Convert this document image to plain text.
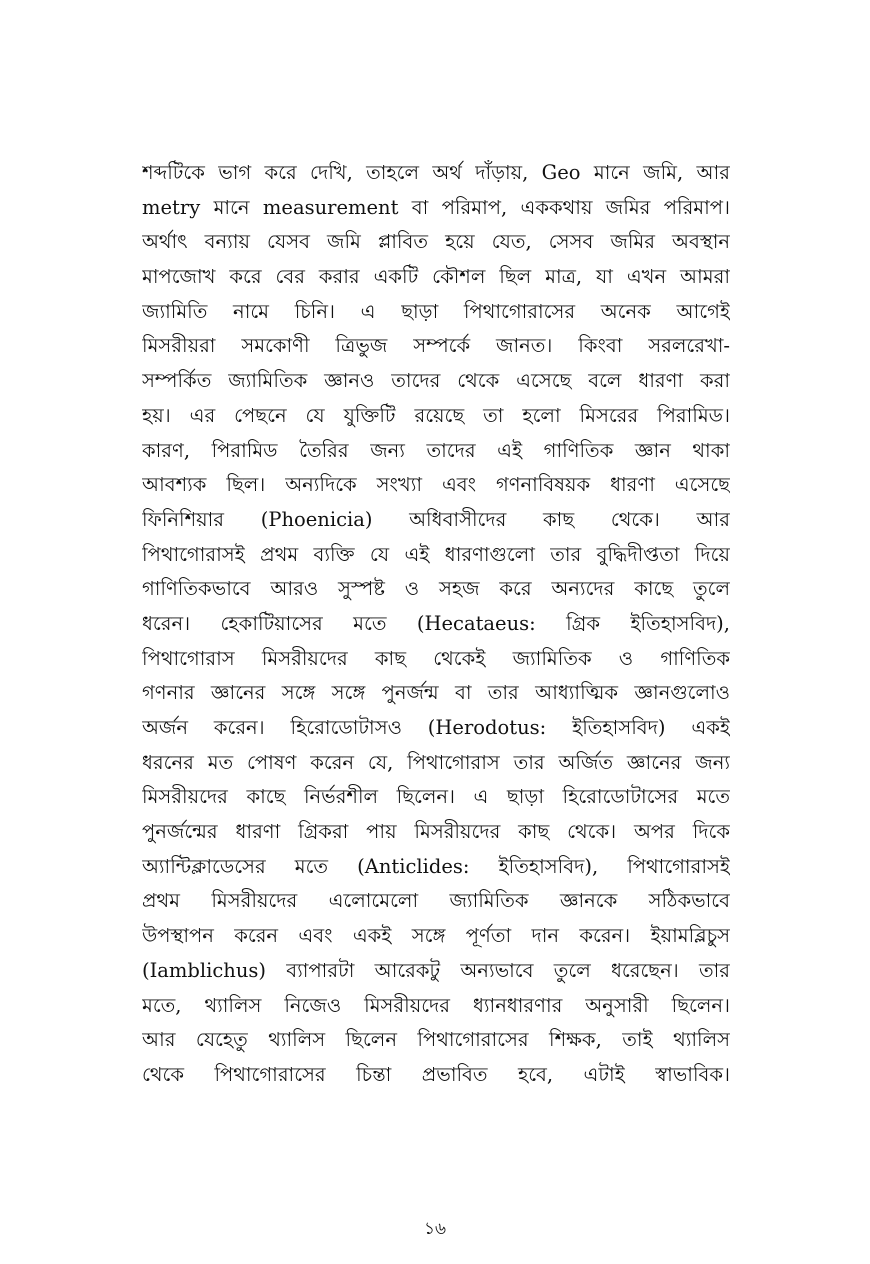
শব্দটিকে ভাগ করে দেখি, তাহলে অর্থ দাঁড়ায়, Geo মানে জমি, আর
metry মানে measurement বা পরিমাপ, এককথায় জমির পরিমাপ।
অর্থাৎ বন্যায় যেসব জমি প্লাবিত হয়ে যেত, সেসব জমির অবস্থান
মাপজোখ করে বের করার একটি কৌশল ছিল মাত্র, যা এখন আমরা
জ্যামিতি নামে চিনি। এ ছাড়া পিথাগোরাসের অনেক আগেই
মিসরীয়রা সমকোণী ত্রিভুজ সম্পর্কে জানত। কিংবা সরলরেখা-
সম্পর্কিত জ্যামিতিক জ্ঞানও তাদের থেকে এসেছে বলে ধারণা করা
হয়। এর পেছনে যে যুক্তিটি রয়েছে তা হলো মিসরের পিরামিড।
কারণ, পিরামিড তৈরির জন্য তাদের এই গাণিতিক জ্ঞান থাকা
আবশ্যক ছিল। অন্যদিকে সংখ্যা এবং গণনাবিষয়ক ধারণা এসেছে
ফিনিশিয়ার (Phoenicia) অধিবাসীদের কাছ থেকে। আর
পিথাগোরাসই প্রথম ব্যক্তি যে এই ধারণাগুলো তার বুদ্ধিদীপ্ততা দিয়ে
গাণিতিকভাবে আরও সুস্পষ্ট ও সহজ করে অন্যদের কাছে তুলে
ধরেন। হেকাটিয়াসের মতে (Hecataeus: গ্রিক ইতিহাসবিদ),
পিথাগোরাস মিসরীয়দের কাছ থেকেই জ্যামিতিক ও গাণিতিক
গণনার জ্ঞানের সঙ্গে সঙ্গে পুনর্জন্ম বা তার আধ্যাত্মিক জ্ঞানগুলোও
অর্জন করেন। হিরোডোটাসও (Herodotus: ইতিহাসবিদ) একই
ধরনের মত পোষণ করেন যে, পিথাগোরাস তার অর্জিত জ্ঞানের জন্য
মিসরীয়দের কাছে নির্ভরশীল ছিলেন। এ ছাড়া হিরোডোটাসের মতে
পুনর্জন্মের ধারণা গ্রিকরা পায় মিসরীয়দের কাছ থেকে। অপর দিকে
অ্যান্টিক্লাডেসের মতে (Anticlides: ইতিহাসবিদ), পিথাগোরাসই
প্রথম মিসরীয়দের এলোমেলো জ্যামিতিক জ্ঞানকে সঠিকভাবে
উপস্থাপন করেন এবং একই সঙ্গে পূর্ণতা দান করেন। ইয়ামব্লিচুস
(Iamblichus) ব্যাপারটা আরেকটু অন্যভাবে তুলে ধরেছেন। তার
মতে, থ্যালিস নিজেও মিসরীয়দের ধ্যানধারণার অনুসারী ছিলেন।
আর যেহেতু থ্যালিস ছিলেন পিথাগোরাসের শিক্ষক, তাই থ্যালিস
থেকে পিথাগোরাসের চিন্তা প্রভাবিত হবে, এটাই স্বাভাবিক।
১৬
